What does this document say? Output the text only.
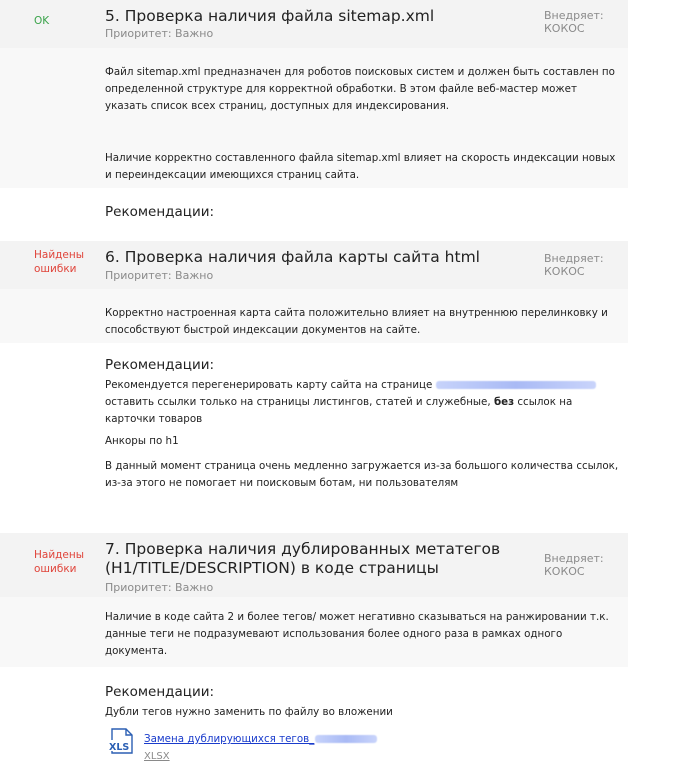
OK	5. Проверка наличия файла sitemap.xml
Приоритет: Важно
Внедряет:
КОКОС
Файл sitemap.xml предназначен для роботов поисковых систем и должен быть составлен по определенной структуре для корректной обработки. В этом файле веб-мастер может указать список всех страниц, доступных для индексирования.
Наличие корректно составленного файла sitemap.xml влияет на скорость индексации новых и переиндексации имеющихся страниц сайта.
Рекомендации:
Найдены ошибки
6. Проверка наличия файла карты сайта html
Приоритет: Важно
Внедряет:
КОКОС
Корректно настроенная карта сайта положительно влияет на внутреннюю перелинковку и способствуют быстрой индексации документов на сайте.
Рекомендации:
Рекомендуется перегенерировать карту сайта на странице
оставить ссылки только на страницы листингов, статей и служебные, без ссылок на карточки товаров
Анкоры по h1
В данный момент страница очень медленно загружается из-за большого количества ссылок, из-за этого не помогает ни поисковым ботам, ни пользователям
Найдены ошибки
7. Проверка наличия дублированных метатегов
(H1/TITLE/DESCRIPTION) в коде страницы
Приоритет: Важно
Внедряет:
КОКОС
Наличие в коде сайта 2 и более тегов/ может негативно сказываться на ранжировании т.к. данные теги не подразумевают использования более одного раза в рамках одного документа.
Рекомендации:
Дубли тегов нужно заменить по файлу во вложении
XLS
Замена дублирующихся тегов_
XLSX
